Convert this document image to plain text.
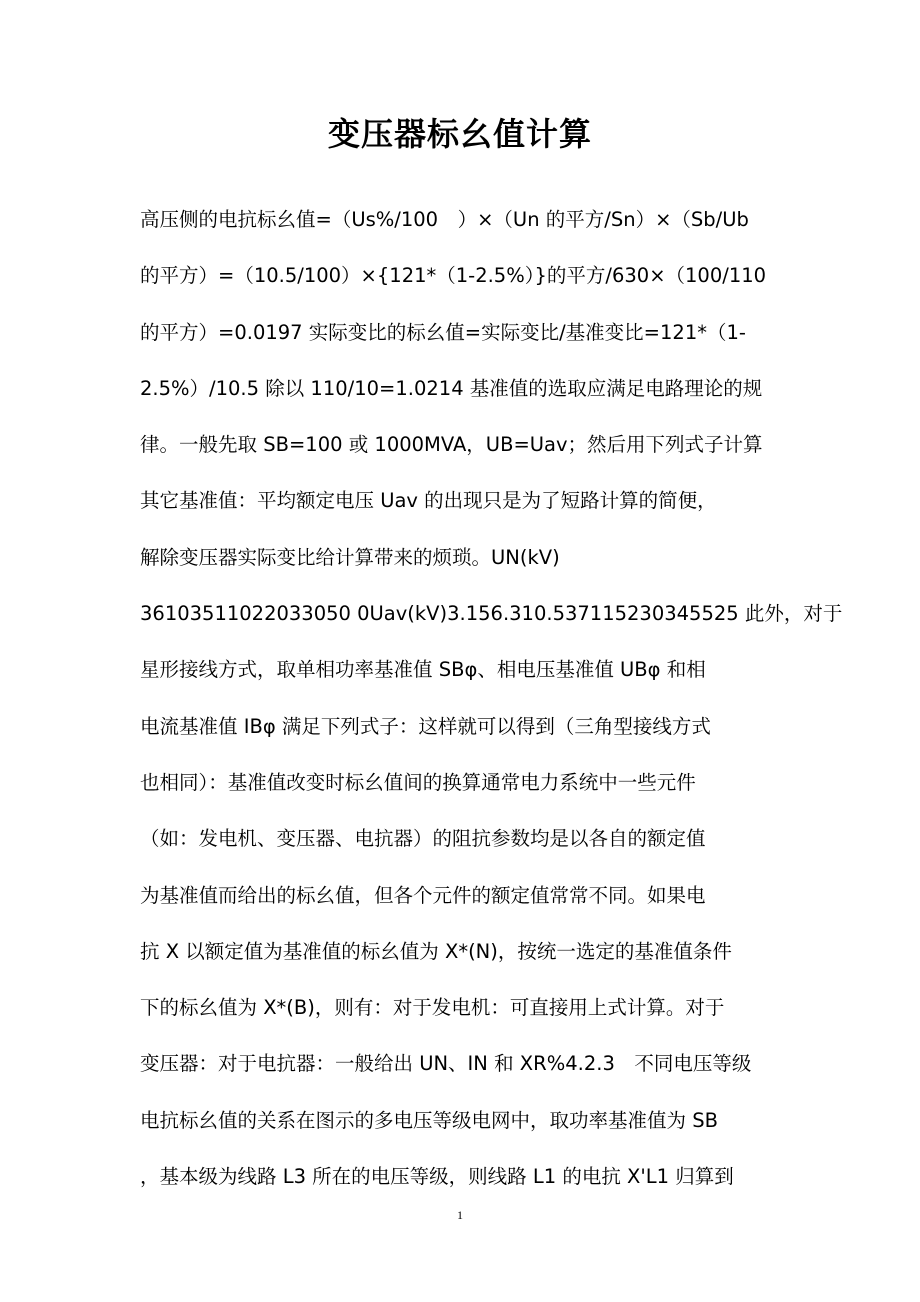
变压器标幺值计算
高压侧的电抗标幺值=（Us%/100　）×（Un 的平方/Sn）×（Sb/Ub
的平方）=（10.5/100）×{121*（1-2.5%）}的平方/630×（100/110
的平方）=0.0197 实际变比的标幺值=实际变比/基准变比=121*（1-
2.5%）/10.5 除以 110/10=1.0214 基准值的选取应满足电路理论的规
律。一般先取 SB=100 或 1000MVA，UB=Uav；然后用下列式子计算
其它基准值：平均额定电压 Uav 的出现只是为了短路计算的简便，
解除变压器实际变比给计算带来的烦琐。UN(kV)
36103511022033050 0Uav(kV)3.156.310.537115230345525 此外，对于
星形接线方式，取单相功率基准值 SBφ、相电压基准值 UBφ 和相
电流基准值 IBφ 满足下列式子：这样就可以得到（三角型接线方式
也相同）：基准值改变时标幺值间的换算通常电力系统中一些元件
（如：发电机、变压器、电抗器）的阻抗参数均是以各自的额定值
为基准值而给出的标幺值，但各个元件的额定值常常不同。如果电
抗 X 以额定值为基准值的标幺值为 X*(N)，按统一选定的基准值条件
下的标幺值为 X*(B)，则有：对于发电机：可直接用上式计算。对于
变压器：对于电抗器：一般给出 UN、IN 和 XR%4.2.3　不同电压等级
电抗标幺值的关系在图示的多电压等级电网中，取功率基准值为 SB
，基本级为线路 L3 所在的电压等级，则线路 L1 的电抗 X'L1 归算到
1
